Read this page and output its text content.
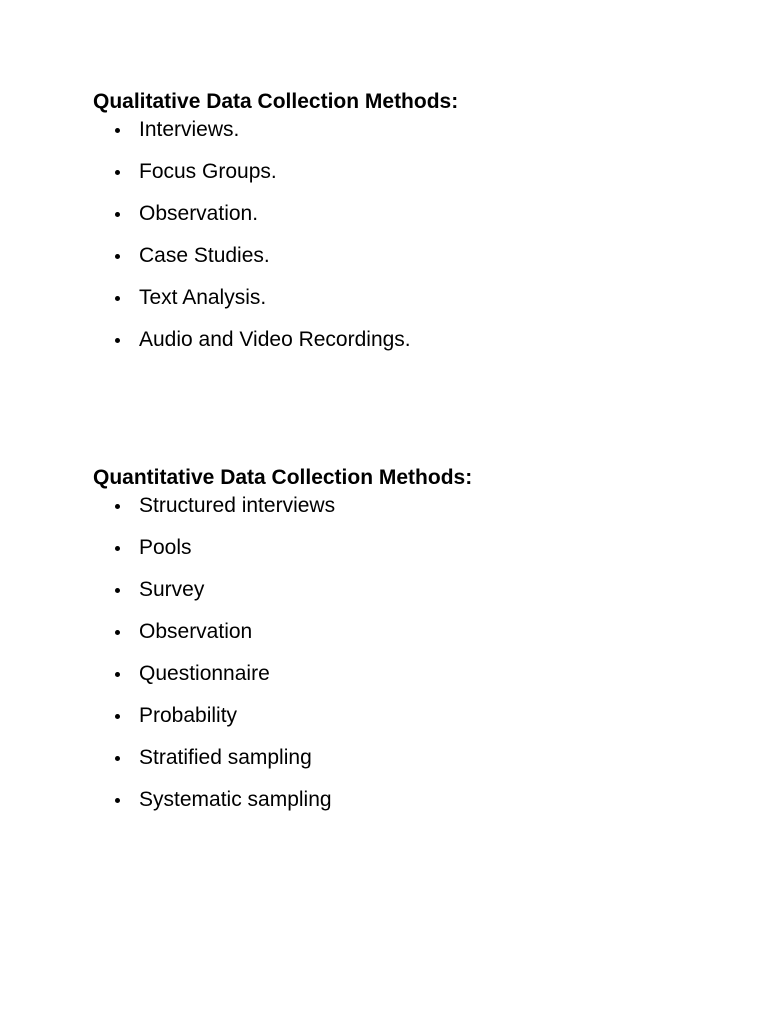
Qualitative Data Collection Methods:
Interviews.
Focus Groups.
Observation.
Case Studies.
Text Analysis.
Audio and Video Recordings.
Quantitative Data Collection Methods:
Structured interviews
Pools
Survey
Observation
Questionnaire
Probability
Stratified sampling
Systematic sampling
